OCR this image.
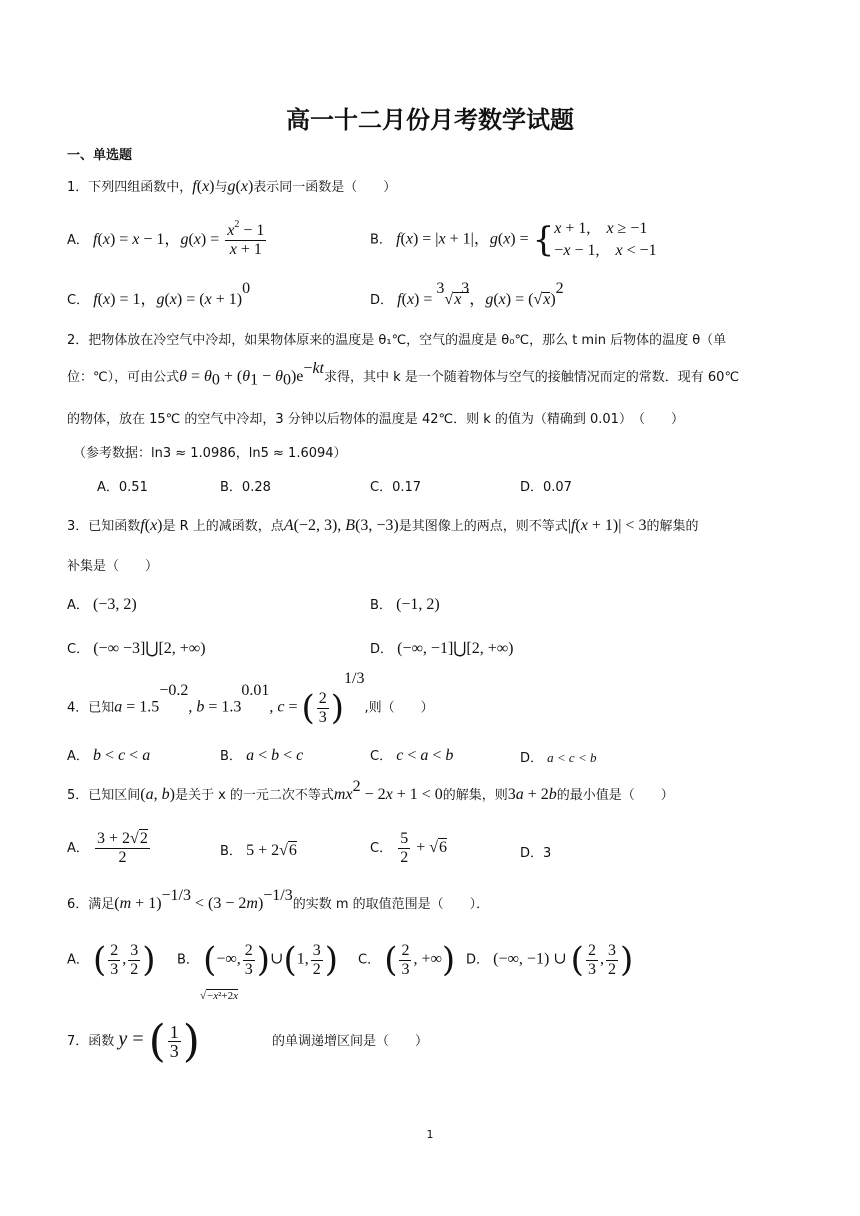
高一十二月份月考数学试题
一、单选题
1．下列四组函数中，f(x)与g(x)表示同一函数是（　　）
A． f(x) = x − 1，$g(x) = \frac{x^2 - 1}{x + 1}$	B． f(x) = |x + 1|，g(x) = { x + 1,　x ≥ −1
−x − 1,　x < −1
C． f(x) = 1，$g(x) = (x + 1)^0$
D． $f(x) = ^3√x^3$，$g(x) = (√x)^2$
2．把物体放在冷空气中冷却，如果物体原来的温度是 θ₁℃，空气的温度是 θ₀℃，那么 t min 后物体的温度 θ（单
位：℃），可由公式$\theta = \theta_0 + (\theta_1 - \theta_0)e^{-kt}$求得，其中 k 是一个随着物体与空气的接触情况而定的常数．现有 60℃
的物体，放在 15℃ 的空气中冷却，3 分钟以后物体的温度是 42℃．则 k 的值为（精确到 0.01）　（　　）
（参考数据：ln3 ≈ 1.0986，ln5 ≈ 1.6094）
A．0.51	B．0.28	C．0.17	D．0.07
3．已知函数f(x)是 R 上的减函数，点A(−2, 3), B(3, −3)是其图像上的两点，则不等式|f(x + 1)| < 3的解集的
补集是（　　）
A． (−3, 2)	B． (−1, 2)
C． (−∞ −3]⋃[2, +∞)	D． (−∞, −1]⋃[2, +∞)
4．已知$a = 1.5^{-0.2}$, $b = 1.3^{0.01}$, c = ( $\frac{2}{3} )^{1/3}$,则（　　）
A． b < c < a	B． a < b < c	C． c < a < b	D． a < c < b
5．已知区间(a, b)是关于 x 的一元二次不等式$mx^2 - 2x + 1 < 0$的解集，则3a + 2b的最小值是（　　）
A． $\frac{3 + 2√2}{2}$	B． 5 + 2√6	C． $\frac{5}{2} + √6$	D．3
6．满足$(m + 1)^{-1/3} < (3 - 2m)^{-1/3}$的实数 m 的取值范围是（　　）．
A． ( $\frac{2}{3}$ , $\frac{3}{2}$ ) B． (−∞, $\frac{2}{3}$ )∪(1, $\frac{3}{2}$ ) C． ( $\frac{2}{3}$ , +∞) D． (−∞, −1) ∪ ( $\frac{2}{3}$ , $\frac{3}{2}$ )
7．函数 y = ( $\frac{1}{3} )^{√-x^2+2x}$的单调递增区间是（　　）
1
